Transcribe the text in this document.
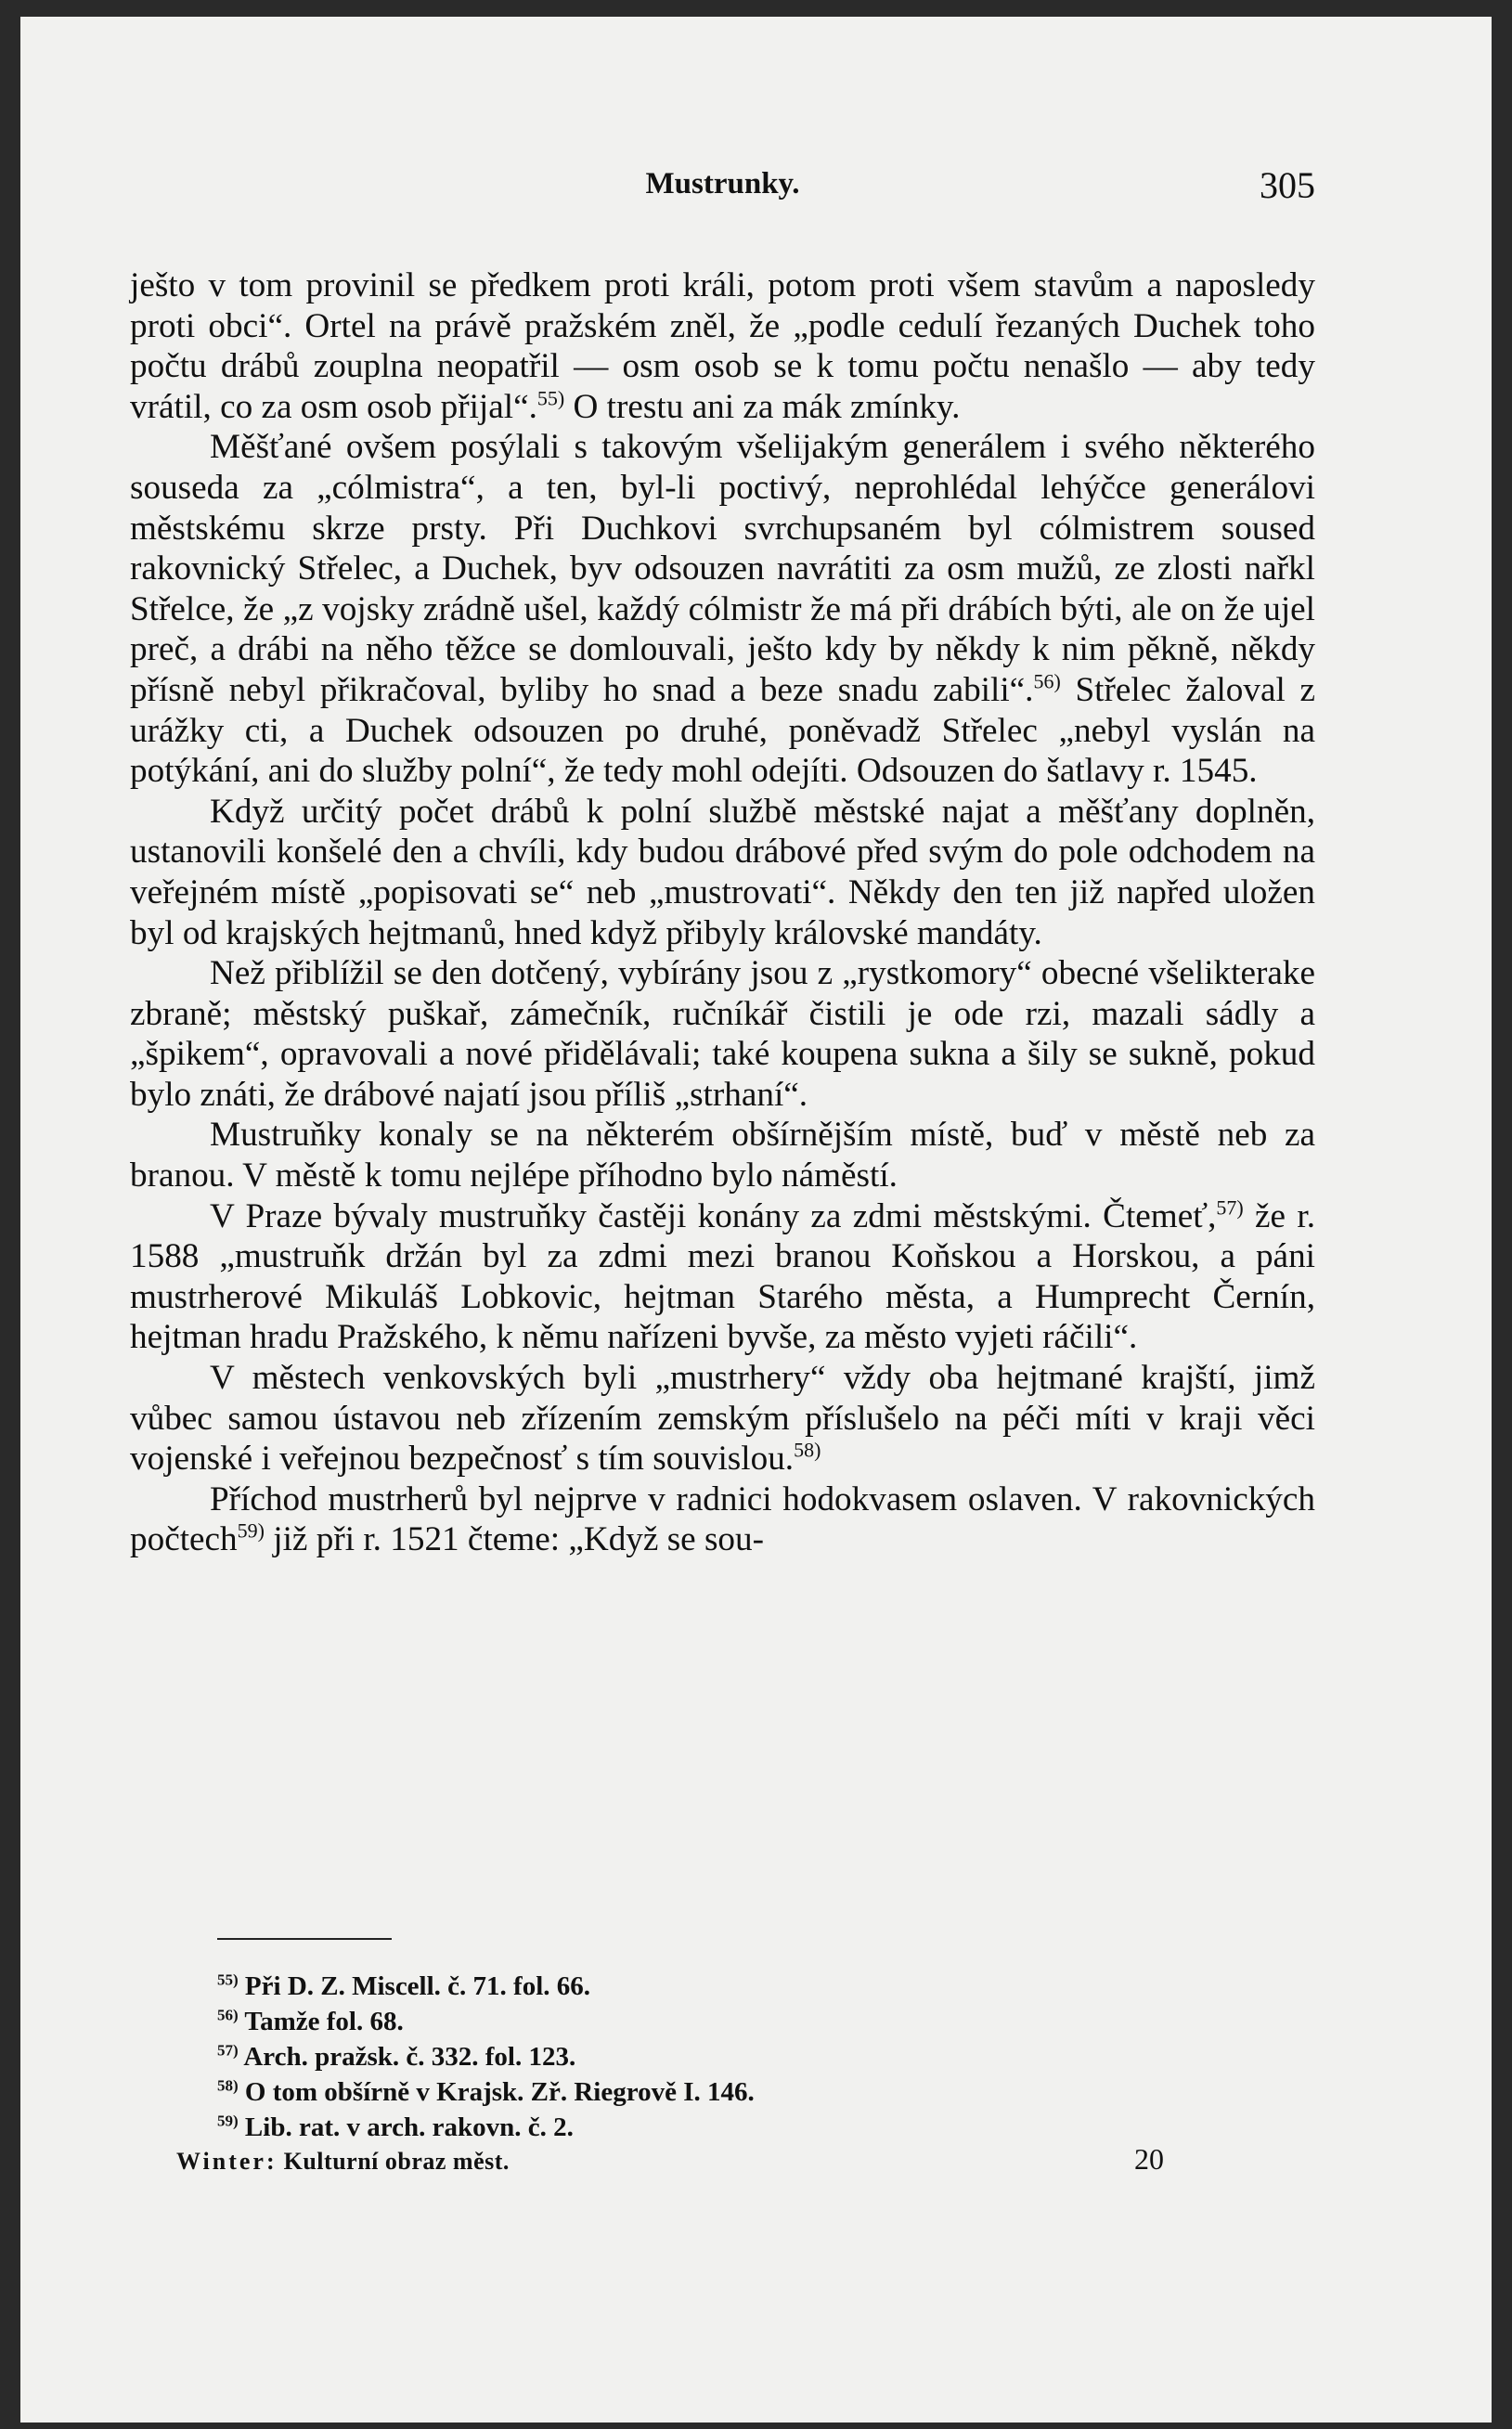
Mustrunky.	305

ješto v tom provinil se předkem proti králi, potom proti všem stavům a naposledy proti obci“. Ortel na právě pražském zněl, že „podle cedulí řezaných Duchek toho počtu drábů zouplna neopatřil — osm osob se k tomu počtu nenašlo — aby tedy vrátil, co za osm osob přijal“.$^{55)}$ O trestu ani za mák zmínky.

Měšťané ovšem posýlali s takovým všelijakým generálem i svého některého souseda za „cólmistra“, a ten, byl-li poctivý, neprohlédal lehýčce generálovi městskému skrze prsty. Při Duchkovi svrchupsaném byl cólmistrem soused rakovnický Střelec, a Duchek, byv odsouzen navrátiti za osm mužů, ze zlosti nařkl Střelce, že „z vojsky zrádně ušel, každý cólmistr že má při drábích býti, ale on že ujel preč, a drábi na něho těžce se domlouvali, ješto kdy by někdy k nim pěkně, někdy přísně nebyl přikračoval, byliby ho snad a beze snadu zabili“.$^{56)}$ Střelec žaloval z urážky cti, a Duchek odsouzen po druhé, poněvadž Střelec „nebyl vyslán na potýkání, ani do služby polní“, že tedy mohl odejíti. Odsouzen do šatlavy r. 1545.

Když určitý počet drábů k polní službě městské najat a měšťany doplněn, ustanovili konšelé den a chvíli, kdy budou drábové před svým do pole odchodem na veřejném místě „popisovati se“ neb „mustrovati“. Někdy den ten již napřed uložen byl od krajských hejtmanů, hned když přibyly královské mandáty.

Než přiblížil se den dotčený, vybírány jsou z „rystkomory“ obecné všelikterake zbraně; městský puškař, zámečník, ručníkář čistili je ode rzi, mazali sádly a „špikem“, opravovali a nové přidělávali; také koupena sukna a šily se sukně, pokud bylo znáti, že drábové najatí jsou příliš „strhaní“.

Mustruňky konaly se na některém obšírnějším místě, buď v městě neb za branou. V městě k tomu nejlépe příhodno bylo náměstí.

V Praze bývaly mustruňky častěji konány za zdmi městskými. Čtemeť,$^{57)}$ že r. 1588 „mustruňk držán byl za zdmi mezi branou Koňskou a Horskou, a páni mustrherové Mikuláš Lobkovic, hejtman Starého města, a Humprecht Černín, hejtman hradu Pražského, k němu nařízeni byvše, za město vyjeti ráčili“.

V městech venkovských byli „mustrhery“ vždy oba hejtmané krajští, jimž vůbec samou ústavou neb zřízením zemským příslušelo na péči míti v kraji věci vojenské i veřejnou bezpečnosť s tím souvislou.$^{58)}$

Příchod mustrherů byl nejprve v radnici hodokvasem oslaven. V rakovnických počtech$^{59)}$ již při r. 1521 čteme: „Když se sou-

$^{55)}$ Při D. Z. Miscell. č. 71. fol. 66.
$^{56)}$ Tamže fol. 68.
$^{57)}$ Arch. pražsk. č. 332. fol. 123.
$^{58)}$ O tom obšírně v Krajsk. Zř. Riegrově I. 146.
$^{59)}$ Lib. rat. v arch. rakovn. č. 2.
Winter: Kulturní obraz měst.	20
